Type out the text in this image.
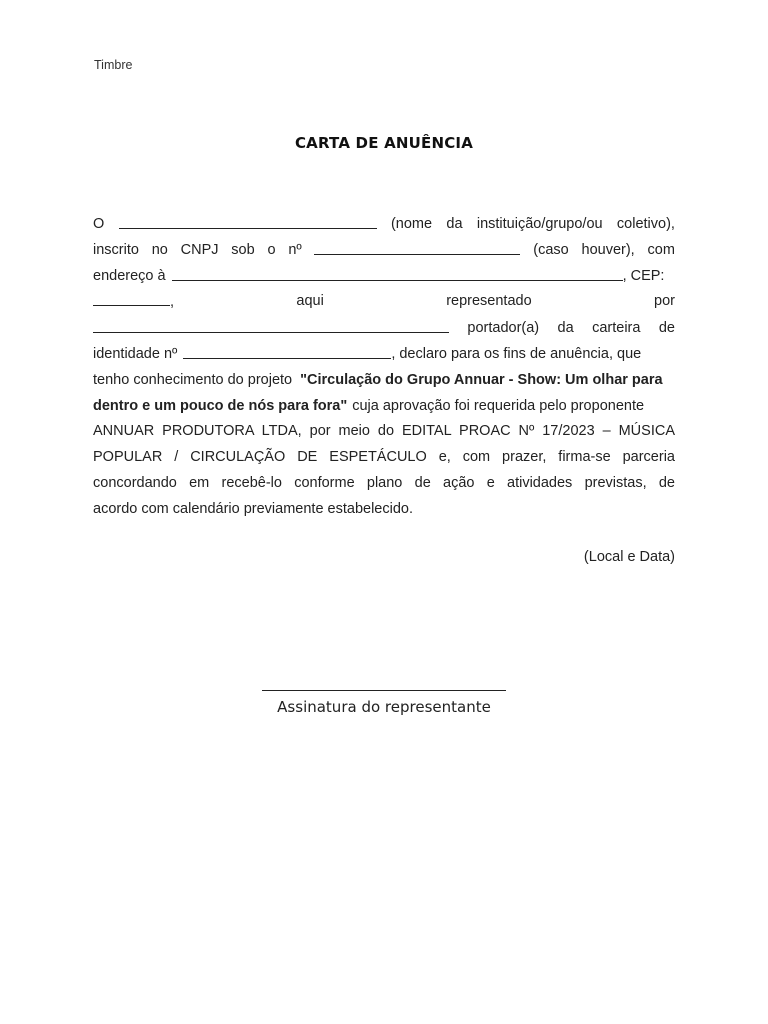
Timbre
CARTA DE ANUÊNCIA
O	(nome da instituição/grupo/ou coletivo),
inscrito no CNPJ sob o nº	(caso houver), com
endereço à	, CEP:
,	aqui	representado	por
portador(a) da carteira de
identidade nº	, declaro para os fins de anuência, que
tenho conhecimento do projeto "Circulação do Grupo Annuar - Show: Um olhar para
dentro e um pouco de nós para fora" cuja aprovação foi requerida pelo proponente
ANNUAR PRODUTORA LTDA, por meio do EDITAL PROAC Nº 17/2023 – MÚSICA
POPULAR / CIRCULAÇÃO DE ESPETÁCULO e, com prazer, firma-se parceria
concordando em recebê-lo conforme plano de ação e atividades previstas, de
acordo com calendário previamente estabelecido.
(Local e Data)
Assinatura do representante
